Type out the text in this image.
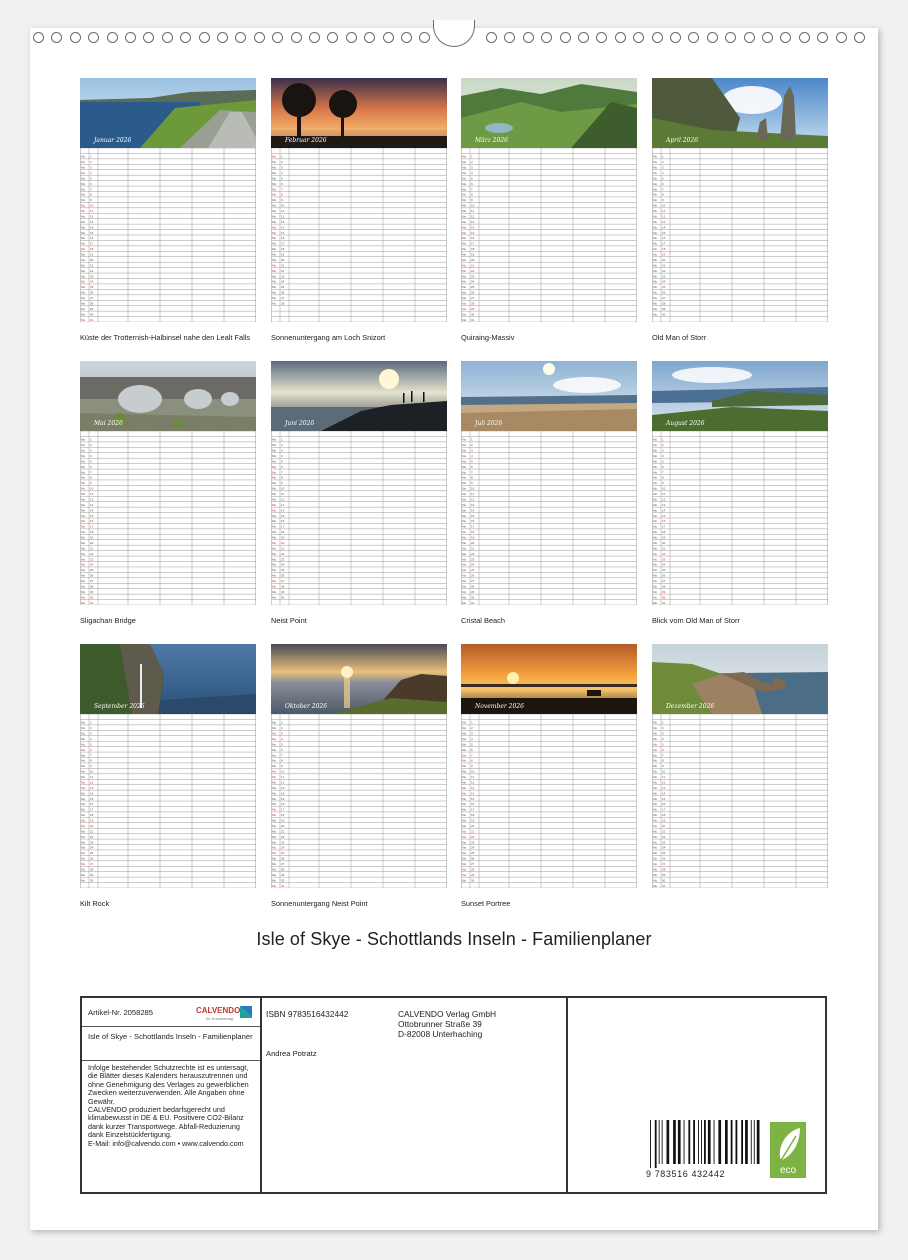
Januar 2026
Mo 1
Mo 2
Mo 3
Mo 4
Mo 5
Mo 6
Mo 7
Mo 8
Mo 9
Mo 10
Mo 11
Mo 12
Mo 13
Mo 14
Mo 15
Mo 16
Mo 17
Mo 18
Mo 19
Mo 20
Mo 21
Mo 22
Mo 23
Mo 24
Mo 25
Mo 26
Mo 27
Mo 28
Mo 29
Mo 30
Mo 31
Küste der Trotternish-Halbinsel nahe den Lealt Falls
Februar 2026
Mo 1
Mo 2
Mo 3
Mo 4
Mo 5
Mo 6
Mo 7
Mo 8
Mo 9
Mo 10
Mo 11
Mo 12
Mo 13
Mo 14
Mo 15
Mo 16
Mo 17
Mo 18
Mo 19
Mo 20
Mo 21
Mo 22
Mo 23
Mo 24
Mo 25
Mo 26
Mo 27
Mo 28
Sonnenuntergang am Loch Snizort
März 2026
Mo 1
Mo 2
Mo 3
Mo 4
Mo 5
Mo 6
Mo 7
Mo 8
Mo 9
Mo 10
Mo 11
Mo 12
Mo 13
Mo 14
Mo 15
Mo 16
Mo 17
Mo 18
Mo 19
Mo 20
Mo 21
Mo 22
Mo 23
Mo 24
Mo 25
Mo 26
Mo 27
Mo 28
Mo 29
Mo 30
Mo 31
Quiraing-Massiv
April 2026
Mo 1
Mo 2
Mo 3
Mo 4
Mo 5
Mo 6
Mo 7
Mo 8
Mo 9
Mo 10
Mo 11
Mo 12
Mo 13
Mo 14
Mo 15
Mo 16
Mo 17
Mo 18
Mo 19
Mo 20
Mo 21
Mo 22
Mo 23
Mo 24
Mo 25
Mo 26
Mo 27
Mo 28
Mo 29
Mo 30
Old Man of Storr
Mai 2026
Mo 1
Mo 2
Mo 3
Mo 4
Mo 5
Mo 6
Mo 7
Mo 8
Mo 9
Mo 10
Mo 11
Mo 12
Mo 13
Mo 14
Mo 15
Mo 16
Mo 17
Mo 18
Mo 19
Mo 20
Mo 21
Mo 22
Mo 23
Mo 24
Mo 25
Mo 26
Mo 27
Mo 28
Mo 29
Mo 30
Mo 31
Sligachan Bridge
Juni 2026
Mo 1
Mo 2
Mo 3
Mo 4
Mo 5
Mo 6
Mo 7
Mo 8
Mo 9
Mo 10
Mo 11
Mo 12
Mo 13
Mo 14
Mo 15
Mo 16
Mo 17
Mo 18
Mo 19
Mo 20
Mo 21
Mo 22
Mo 23
Mo 24
Mo 25
Mo 26
Mo 27
Mo 28
Mo 29
Mo 30
Neist Point
Juli 2026
Mo 1
Mo 2
Mo 3
Mo 4
Mo 5
Mo 6
Mo 7
Mo 8
Mo 9
Mo 10
Mo 11
Mo 12
Mo 13
Mo 14
Mo 15
Mo 16
Mo 17
Mo 18
Mo 19
Mo 20
Mo 21
Mo 22
Mo 23
Mo 24
Mo 25
Mo 26
Mo 27
Mo 28
Mo 29
Mo 30
Mo 31
Cristal Beach
August 2026
Mo 1
Mo 2
Mo 3
Mo 4
Mo 5
Mo 6
Mo 7
Mo 8
Mo 9
Mo 10
Mo 11
Mo 12
Mo 13
Mo 14
Mo 15
Mo 16
Mo 17
Mo 18
Mo 19
Mo 20
Mo 21
Mo 22
Mo 23
Mo 24
Mo 25
Mo 26
Mo 27
Mo 28
Mo 29
Mo 30
Mo 31
Blick vom Old Man of Storr
September 2026
Mo 1
Mo 2
Mo 3
Mo 4
Mo 5
Mo 6
Mo 7
Mo 8
Mo 9
Mo 10
Mo 11
Mo 12
Mo 13
Mo 14
Mo 15
Mo 16
Mo 17
Mo 18
Mo 19
Mo 20
Mo 21
Mo 22
Mo 23
Mo 24
Mo 25
Mo 26
Mo 27
Mo 28
Mo 29
Mo 30
Kilt Rock
Oktober 2026
Mo 1
Mo 2
Mo 3
Mo 4
Mo 5
Mo 6
Mo 7
Mo 8
Mo 9
Mo 10
Mo 11
Mo 12
Mo 13
Mo 14
Mo 15
Mo 16
Mo 17
Mo 18
Mo 19
Mo 20
Mo 21
Mo 22
Mo 23
Mo 24
Mo 25
Mo 26
Mo 27
Mo 28
Mo 29
Mo 30
Mo 31
Sonnenuntergang Neist Point
November 2026
Mo 1
Mo 2
Mo 3
Mo 4
Mo 5
Mo 6
Mo 7
Mo 8
Mo 9
Mo 10
Mo 11
Mo 12
Mo 13
Mo 14
Mo 15
Mo 16
Mo 17
Mo 18
Mo 19
Mo 20
Mo 21
Mo 22
Mo 23
Mo 24
Mo 25
Mo 26
Mo 27
Mo 28
Mo 29
Mo 30
Sunset Portree
Dezember 2026
Mo 1
Mo 2
Mo 3
Mo 4
Mo 5
Mo 6
Mo 7
Mo 8
Mo 9
Mo 10
Mo 11
Mo 12
Mo 13
Mo 14
Mo 15
Mo 16
Mo 17
Mo 18
Mo 19
Mo 20
Mo 21
Mo 22
Mo 23
Mo 24
Mo 25
Mo 26
Mo 27
Mo 28
Mo 29
Mo 30
Mo 31
Isle of Skye - Schottlands Inseln - Familienplaner
Artikel-Nr. 2058285	CALVENDO
Ihr Kunstverlag
Isle of Skye - Schottlands Inseln - Familienplaner
Infolge bestehender Schutzrechte ist es untersagt, die Blätter dieses Kalenders herauszutrennen und ohne Genehmigung des Verlages zu gewerblichen Zwecken weiterzuverwenden. Alle Angaben ohne Gewähr.
CALVENDO produziert bedarfsgerecht und klimabewusst in DE & EU. Positivere CO2-Bilanz dank kurzer Transportwege. Abfall-Reduzierung dank Einzelstückfertigung.
E-Mail: info@calvendo.com • www.calvendo.com
ISBN 9783516432442	CALVENDO Verlag GmbH
Ottobrunner Straße 39
D-82008 Unterhaching
Andrea Potratz
9 783516 432442	eco
